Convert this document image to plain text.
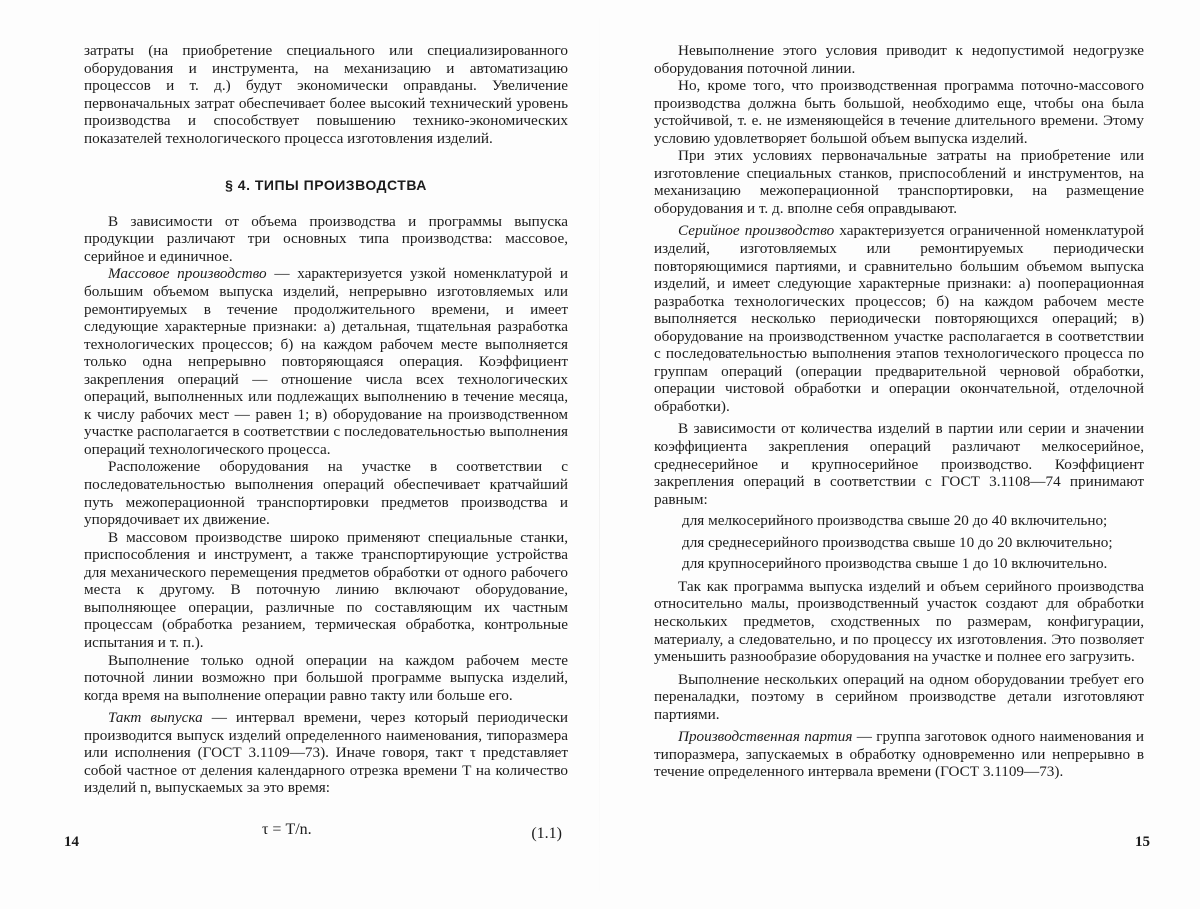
затраты (на приобретение специального или специализированного оборудования и инструмента, на механизацию и автоматизацию процессов и т. д.) будут экономически оправданы. Увеличение первоначальных затрат обеспечивает более высокий технический уровень производства и способствует повышению технико-экономических показателей технологического процесса изготовления изделий.

§ 4. ТИПЫ ПРОИЗВОДСТВА

В зависимости от объема производства и программы выпуска продукции различают три основных типа производства: массовое, серийное и единичное.

Массовое производство — характеризуется узкой номенклатурой и большим объемом выпуска изделий, непрерывно изготовляемых или ремонтируемых в течение продолжительного времени, и имеет следующие характерные признаки: а) детальная, тщательная разработка технологических процессов; б) на каждом рабочем месте выполняется только одна непрерывно повторяющаяся операция. Коэффициент закрепления операций — отношение числа всех технологических операций, выполненных или подлежащих выполнению в течение месяца, к числу рабочих мест — равен 1; в) оборудование на производственном участке располагается в соответствии с последовательностью выполнения операций технологического процесса.

Расположение оборудования на участке в соответствии с последовательностью выполнения операций обеспечивает кратчайший путь межоперационной транспортировки предметов производства и упорядочивает их движение.

В массовом производстве широко применяют специальные станки, приспособления и инструмент, а также транспортирующие устройства для механического перемещения предметов обработки от одного рабочего места к другому. В поточную линию включают оборудование, выполняющее операции, различные по составляющим их частным процессам (обработка резанием, термическая обработка, контрольные испытания и т. п.).

Выполнение только одной операции на каждом рабочем месте поточной линии возможно при большой программе выпуска изделий, когда время на выполнение операции равно такту или больше его.

Такт выпуска — интервал времени, через который периодически производится выпуск изделий определенного наименования, типоразмера или исполнения (ГОСТ 3.1109—73). Иначе говоря, такт τ представляет собой частное от деления календарного отрезка времени T на количество изделий n, выпускаемых за это время:

τ = T/n.	(1.1)
14

Невыполнение этого условия приводит к недопустимой недогрузке оборудования поточной линии.

Но, кроме того, что производственная программа поточно-массового производства должна быть большой, необходимо еще, чтобы она была устойчивой, т. е. не изменяющейся в течение длительного времени. Этому условию удовлетворяет большой объем выпуска изделий.

При этих условиях первоначальные затраты на приобретение или изготовление специальных станков, приспособлений и инструментов, на механизацию межоперационной транспортировки, на размещение оборудования и т. д. вполне себя оправдывают.

Серийное производство характеризуется ограниченной номенклатурой изделий, изготовляемых или ремонтируемых периодически повторяющимися партиями, и сравнительно большим объемом выпуска изделий, и имеет следующие характерные признаки: а) пооперационная разработка технологических процессов; б) на каждом рабочем месте выполняется несколько периодически повторяющихся операций; в) оборудование на производственном участке располагается в соответствии с последовательностью выполнения этапов технологического процесса по группам операций (операции предварительной черновой обработки, операции чистовой обработки и операции окончательной, отделочной обработки).

В зависимости от количества изделий в партии или серии и значении коэффициента закрепления операций различают мелкосерийное, среднесерийное и крупносерийное производство. Коэффициент закрепления операций в соответствии с ГОСТ 3.1108—74 принимают равным:

для мелкосерийного производства свыше 20 до 40 включительно;

для среднесерийного производства свыше 10 до 20 включительно;

для крупносерийного производства свыше 1 до 10 включительно.

Так как программа выпуска изделий и объем серийного производства относительно малы, производственный участок создают для обработки нескольких предметов, сходственных по размерам, конфигурации, материалу, а следовательно, и по процессу их изготовления. Это позволяет уменьшить разнообразие оборудования на участке и полнее его загрузить.

Выполнение нескольких операций на одном оборудовании требует его переналадки, поэтому в серийном производстве детали изготовляют партиями.

Производственная партия — группа заготовок одного наименования и типоразмера, запускаемых в обработку одновременно или непрерывно в течение определенного интервала времени (ГОСТ 3.1109—73).

15
